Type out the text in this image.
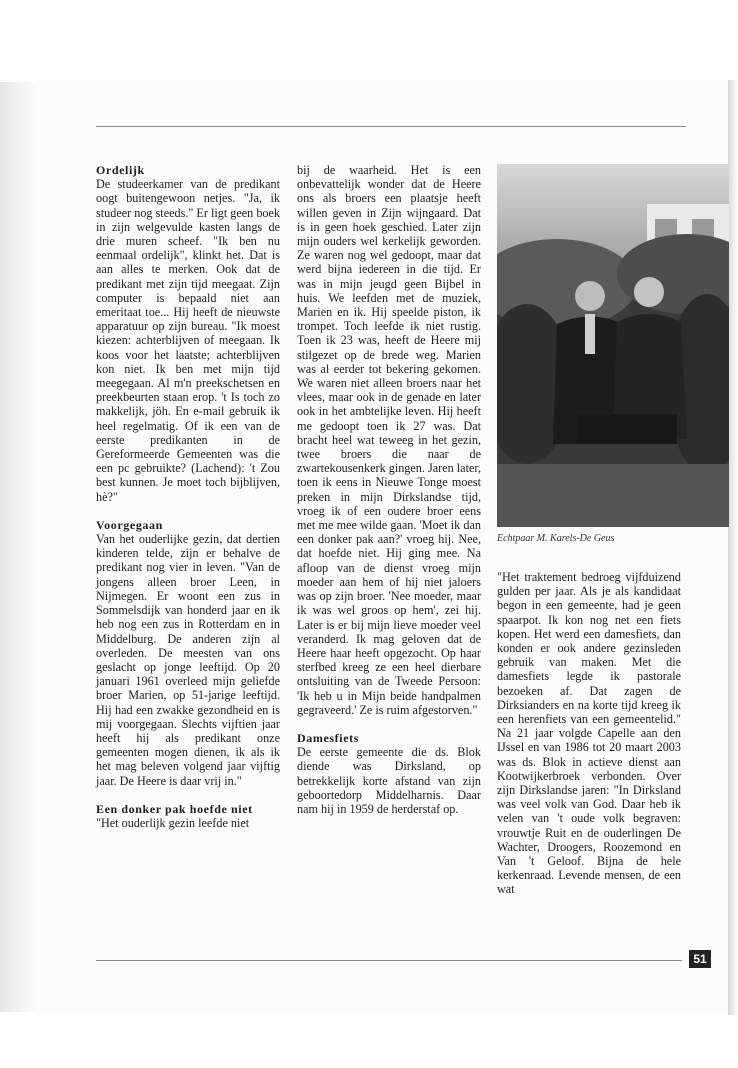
Ordelijk

De studeerkamer van de predikant oogt buitengewoon netjes. "Ja, ik studeer nog steeds." Er ligt geen boek in zijn welgevulde kasten langs de drie muren scheef. "Ik ben nu eenmaal ordelijk", klinkt het. Dat is aan alles te merken. Ook dat de predikant met zijn tijd meegaat. Zijn computer is bepaald niet aan emeritaat toe... Hij heeft de nieuwste apparatuur op zijn bureau. "Ik moest kiezen: achterblijven of meegaan. Ik koos voor het laatste; achterblijven kon niet. Ik ben met mijn tijd meegegaan. Al m'n preekschetsen en preekbeurten staan erop. 't Is toch zo makkelijk, jöh. En e-mail gebruik ik heel regelmatig. Of ik een van de eerste predikanten in de Gereformeerde Gemeenten was die een pc gebruikte? (Lachend): 't Zou best kunnen. Je moet toch bijblijven, hè?"

Voorgegaan

Van het ouderlijke gezin, dat dertien kinderen telde, zijn er behalve de predikant nog vier in leven. "Van de jongens alleen broer Leen, in Nijmegen. Er woont een zus in Sommelsdijk van honderd jaar en ik heb nog een zus in Rotterdam en in Middelburg. De anderen zijn al overleden. De meesten van ons geslacht op jonge leeftijd. Op 20 januari 1961 overleed mijn geliefde broer Marien, op 51-jarige leeftijd. Hij had een zwakke gezondheid en is mij voorgegaan. Slechts vijftien jaar heeft hij als predikant onze gemeenten mogen dienen, ik als ik het mag beleven volgend jaar vijftig jaar. De Heere is daar vrij in."

Een donker pak hoefde niet

"Het ouderlijk gezin leefde niet

bij de waarheid. Het is een onbevattelijk wonder dat de Heere ons als broers een plaatsje heeft willen geven in Zijn wijngaard. Dat is in geen hoek geschied. Later zijn mijn ouders wel kerkelijk geworden. Ze waren nog wel gedoopt, maar dat werd bijna iedereen in die tijd. Er was in mijn jeugd geen Bijbel in huis. We leefden met de muziek, Marien en ik. Hij speelde piston, ik trompet. Toch leefde ik niet rustig. Toen ik 23 was, heeft de Heere mij stilgezet op de brede weg. Marien was al eerder tot bekering gekomen. We waren niet alleen broers naar het vlees, maar ook in de genade en later ook in het ambtelijke leven. Hij heeft me gedoopt toen ik 27 was. Dat bracht heel wat teweeg in het gezin, twee broers die naar de zwartekousenkerk gingen. Jaren later, toen ik eens in Nieuwe Tonge moest preken in mijn Dirkslandse tijd, vroeg ik of een oudere broer eens met me mee wilde gaan. 'Moet ik dan een donker pak aan?' vroeg hij. Nee, dat hoefde niet. Hij ging mee. Na afloop van de dienst vroeg mijn moeder aan hem of hij niet jaloers was op zijn broer. 'Nee moeder, maar ik was wel groos op hem', zei hij. Later is er bij mijn lieve moeder veel veranderd. Ik mag geloven dat de Heere haar heeft opgezocht. Op haar sterfbed kreeg ze een heel dierbare ontsluiting van de Tweede Persoon: 'Ik heb u in Mijn beide handpalmen gegraveerd.' Ze is ruim afgestorven."

Damesfiets

De eerste gemeente die ds. Blok diende was Dirksland, op betrekkelijk korte afstand van zijn geboortedorp Middelharnis. Daar nam hij in 1959 de herderstaf op.

Echtpaar M. Karels-De Geus

"Het traktement bedroeg vijfduizend gulden per jaar. Als je als kandidaat begon in een gemeente, had je geen spaarpot. Ik kon nog net een fiets kopen. Het werd een damesfiets, dan konden er ook andere gezinsleden gebruik van maken. Met die damesfiets legde ik pastorale bezoeken af. Dat zagen de Dirksianders en na korte tijd kreeg ik een herenfiets van een gemeentelid." Na 21 jaar volgde Capelle aan den IJssel en van 1986 tot 20 maart 2003 was ds. Blok in actieve dienst aan Kootwijkerbroek verbonden. Over zijn Dirkslandse jaren: "In Dirksland was veel volk van God. Daar heb ik velen van 't oude volk begraven: vrouwtje Ruit en de ouderlingen De Wachter, Droogers, Roozemond en Van 't Geloof. Bijna de hele kerkenraad. Levende mensen, de een wat

51
